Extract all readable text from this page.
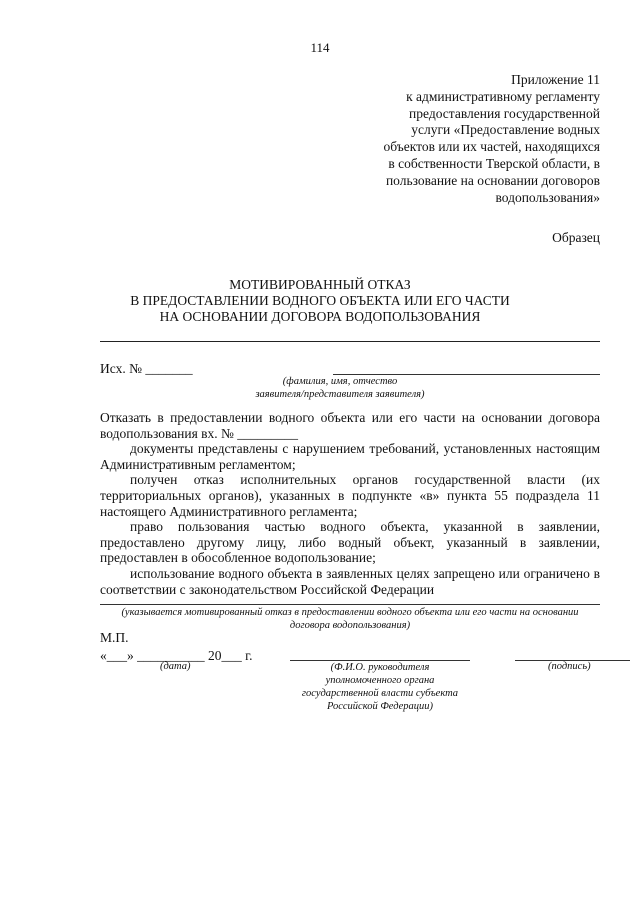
114
Приложение 11
к административному регламенту
предоставления государственной
услуги «Предоставление водных
объектов или их частей, находящихся
в собственности Тверской области, в
пользование на основании договоров
водопользования»
Образец
МОТИВИРОВАННЫЙ ОТКАЗ
В ПРЕДОСТАВЛЕНИИ ВОДНОГО ОБЪЕКТА ИЛИ ЕГО ЧАСТИ
НА ОСНОВАНИИ ДОГОВОРА ВОДОПОЛЬЗОВАНИЯ
Исх. № _______
(фамилия, имя, отчество
заявителя/представителя заявителя)
Отказать в предоставлении водного объекта или его части на основании договора водопользования вх. № _________
документы представлены с нарушением требований, установленных настоящим Административным регламентом;
получен отказ исполнительных органов государственной власти (их территориальных органов), указанных в подпункте «в» пункта 55 подраздела 11 настоящего Административного регламента;
право пользования частью водного объекта, указанной в заявлении, предоставлено другому лицу, либо водный объект, указанный в заявлении, предоставлен в обособленное водопользование;
использование водного объекта в заявленных целях запрещено или ограничено в соответствии с законодательством Российской Федерации
(указывается мотивированный отказ в предоставлении водного объекта или его части на основании
договора водопользования)
М.П.
«___» __________ 20___ г.
(дата)	(Ф.И.О. руководителя
уполномоченного органа
государственной власти субъекта
Российской Федерации)
(подпись)
